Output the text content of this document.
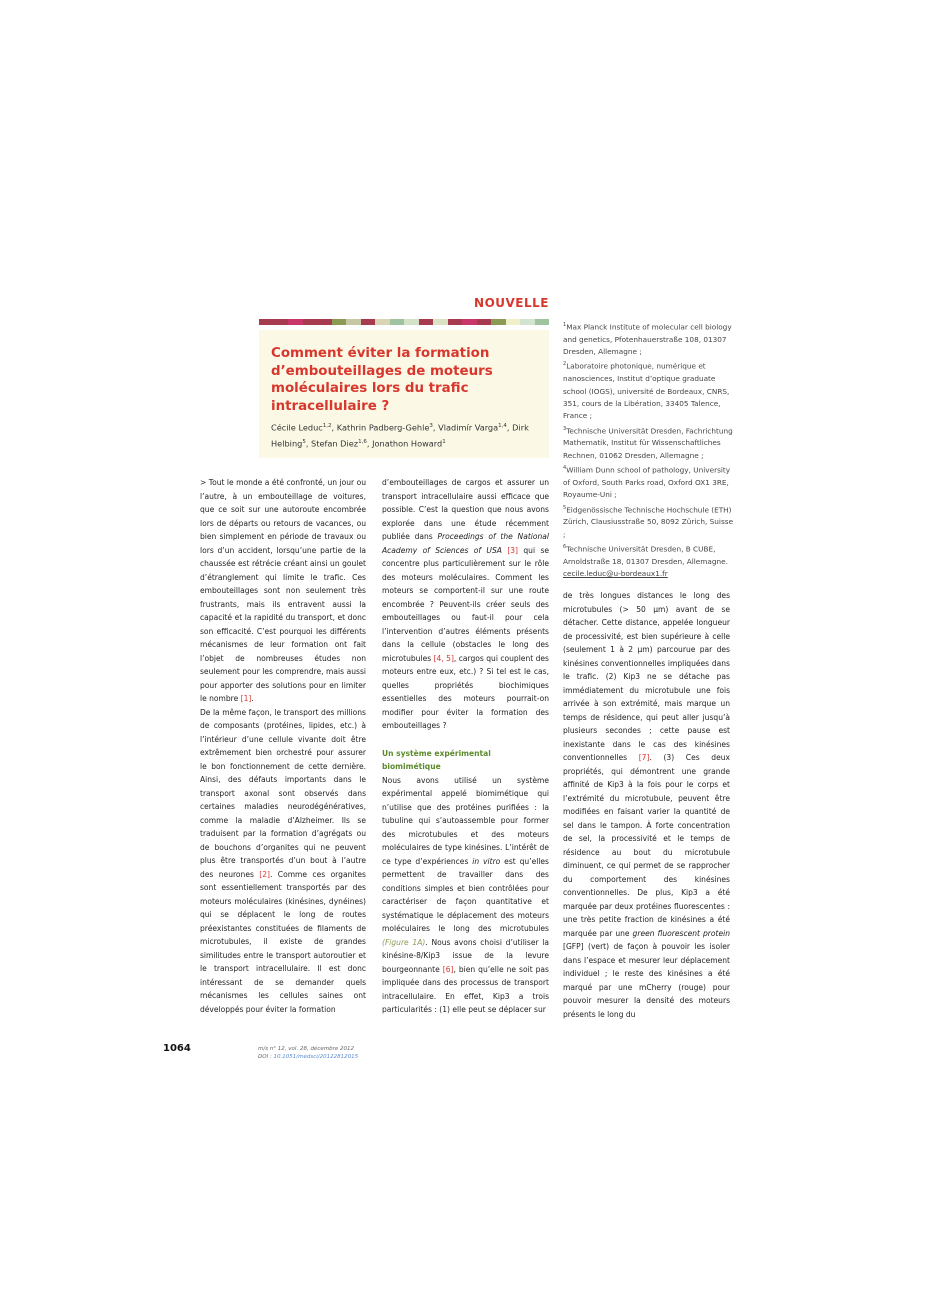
NOUVELLE
Comment éviter la formation d’embouteillages de moteurs moléculaires lors du trafic intracellulaire ?
Cécile Leduc$^{1,2}$, Kathrin Padberg-Gehle$^3$, Vladimír Varga$^{1,4}$, Dirk Helbing$^5$, Stefan Diez$^{1,6}$, Jonathon Howard$^1$

$^1$Max Planck Institute of molecular cell biology and genetics, Pfotenhauerstraße 108, 01307 Dresden, Allemagne ;

$^2$Laboratoire photonique, numérique et nanosciences, Institut d’optique graduate school (IOGS), université de Bordeaux, CNRS, 351, cours de la Libération, 33405 Talence, France ;

$^3$Technische Universität Dresden, Fachrichtung Mathematik, Institut für Wissenschaftliches Rechnen, 01062 Dresden, Allemagne ;

$^4$William Dunn school of pathology, University of Oxford, South Parks road, Oxford OX1 3RE, Royaume-Uni ;

$^5$Eidgenössische Technische Hochschule (ETH) Zürich, Clausiusstraße 50, 8092 Zürich, Suisse ;

$^6$Technische Universität Dresden, B CUBE, Arnoldstraße 18, 01307 Dresden, Allemagne.

cecile.leduc@u-bordeaux1.fr

> Tout le monde a été confronté, un jour ou l’autre, à un embouteillage de voitures, que ce soit sur une autoroute encombrée lors de départs ou retours de vacances, ou bien simplement en période de travaux ou lors d’un accident, lorsqu’une partie de la chaussée est rétrécie créant ainsi un goulet d’étranglement qui limite le trafic. Ces embouteillages sont non seulement très frustrants, mais ils entravent aussi la capacité et la rapidité du transport, et donc son efficacité. C’est pourquoi les différents mécanismes de leur formation ont fait l’objet de nombreuses études non seulement pour les comprendre, mais aussi pour apporter des solutions pour en limiter le nombre [1].

De la même façon, le transport des millions de composants (protéines, lipides, etc.) à l’intérieur d’une cellule vivante doit être extrêmement bien orchestré pour assurer le bon fonctionnement de cette dernière. Ainsi, des défauts importants dans le transport axonal sont observés dans certaines maladies neurodégénératives, comme la maladie d’Alzheimer. Ils se traduisent par la formation d’agrégats ou de bouchons d’organites qui ne peuvent plus être transportés d’un bout à l’autre des neurones [2]. Comme ces organites sont essentiellement transportés par des moteurs moléculaires (kinésines, dynéines) qui se déplacent le long de routes préexistantes constituées de filaments de microtubules, il existe de grandes similitudes entre le transport autoroutier et le transport intracellulaire. Il est donc intéressant de se demander quels mécanismes les cellules saines ont développés pour éviter la formation

d’embouteillages de cargos et assurer un transport intracellulaire aussi efficace que possible. C’est la question que nous avons explorée dans une étude récemment publiée dans Proceedings of the National Academy of Sciences of USA [3] qui se concentre plus particulièrement sur le rôle des moteurs moléculaires. Comment les moteurs se comportent-il sur une route encombrée ? Peuvent-ils créer seuls des embouteillages ou faut-il pour cela l’intervention d’autres éléments présents dans la cellule (obstacles le long des microtubules [4, 5], cargos qui couplent des moteurs entre eux, etc.) ? Si tel est le cas, quelles propriétés biochimiques essentielles des moteurs pourrait-on modifier pour éviter la formation des embouteillages ?

Un système expérimental biomimétique

Nous avons utilisé un système expérimental appelé biomimétique qui n’utilise que des protéines purifiées : la tubuline qui s’autoassemble pour former des microtubules et des moteurs moléculaires de type kinésines. L’intérêt de ce type d’expériences in vitro est qu’elles permettent de travailler dans des conditions simples et bien contrôlées pour caractériser de façon quantitative et systématique le déplacement des moteurs moléculaires le long des microtubules (Figure 1A). Nous avons choisi d’utiliser la kinésine-8/Kip3 issue de la levure bourgeonnante [6], bien qu’elle ne soit pas impliquée dans des processus de transport intracellulaire. En effet, Kip3 a trois particularités : (1) elle peut se déplacer sur

de très longues distances le long des microtubules (> 50 µm) avant de se détacher. Cette distance, appelée longueur de processivité, est bien supérieure à celle (seulement 1 à 2 µm) parcourue par des kinésines conventionnelles impliquées dans le trafic. (2) Kip3 ne se détache pas immédiatement du microtubule une fois arrivée à son extrémité, mais marque un temps de résidence, qui peut aller jusqu’à plusieurs secondes ; cette pause est inexistante dans le cas des kinésines conventionnelles [7]. (3) Ces deux propriétés, qui démontrent une grande affinité de Kip3 à la fois pour le corps et l’extrémité du microtubule, peuvent être modifiées en faisant varier la quantité de sel dans le tampon. À forte concentration de sel, la processivité et le temps de résidence au bout du microtubule diminuent, ce qui permet de se rapprocher du comportement des kinésines conventionnelles. De plus, Kip3 a été marquée par deux protéines fluorescentes : une très petite fraction de kinésines a été marquée par une green fluorescent protein [GFP] (vert) de façon à pouvoir les isoler dans l’espace et mesurer leur déplacement individuel ; le reste des kinésines a été marqué par une mCherry (rouge) pour pouvoir mesurer la densité des moteurs présents le long du

1064	m/s n° 12, vol. 28, décembre 2012
DOI : 10.1051/medsci/20122812015
